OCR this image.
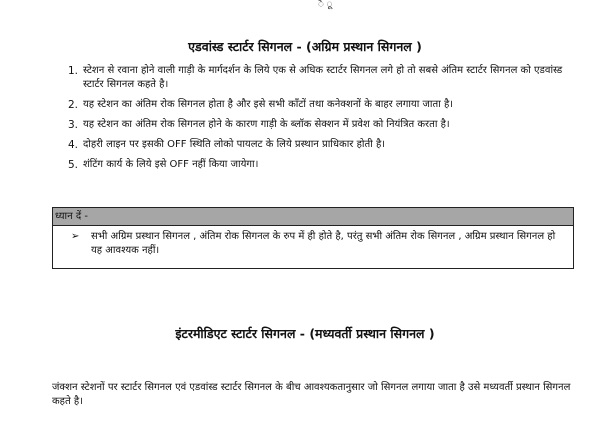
ै ू
एडवांस्ड स्टार्टर सिगनल - (अग्रिम प्रस्थान सिगनल )
1. स्टेशन से रवाना होने वाली गाड़ी के मार्गदर्शन के लिये एक से अधिक स्टार्टर सिगनल लगे हो तो सबसे अंतिम स्टार्टर सिगनल को एडवांस्ड स्टार्टर सिगनल कहते है।
2. यह स्टेशन का अंतिम रोक सिगनल होता है और इसे सभी काँटों तथा कनेक्शनों के बाहर लगाया जाता है।
3. यह स्टेशन का अंतिम रोक सिगनल होने के कारण गाड़ी के ब्लॉक सेक्शन में प्रवेश को नियंत्रित करता है।
4. दोहरी लाइन पर इसकी OFF स्थिति लोको पायलट के लिये प्रस्थान प्राधिकार होती है।
5. शंटिंग कार्य के लिये इसे OFF नहीं किया जायेगा।
ध्यान दें -
➢ सभी अग्रिम प्रस्थान सिगनल , अंतिम रोक सिगनल के रुप में ही होते है, परंतु सभी अंतिम रोक सिगनल , अग्रिम प्रस्थान सिगनल हो यह आवश्यक नहीं।
इंटरमीडिएट स्टार्टर सिगनल - (मध्यवर्ती प्रस्थान सिगनल )

जंक्शन स्टेशनों पर स्टार्टर सिगनल एवं एडवांस्ड स्टार्टर सिगनल के बीच आवश्यकतानुसार जो सिगनल लगाया जाता है उसे मध्यवर्ती प्रस्थान सिगनल कहते है।
